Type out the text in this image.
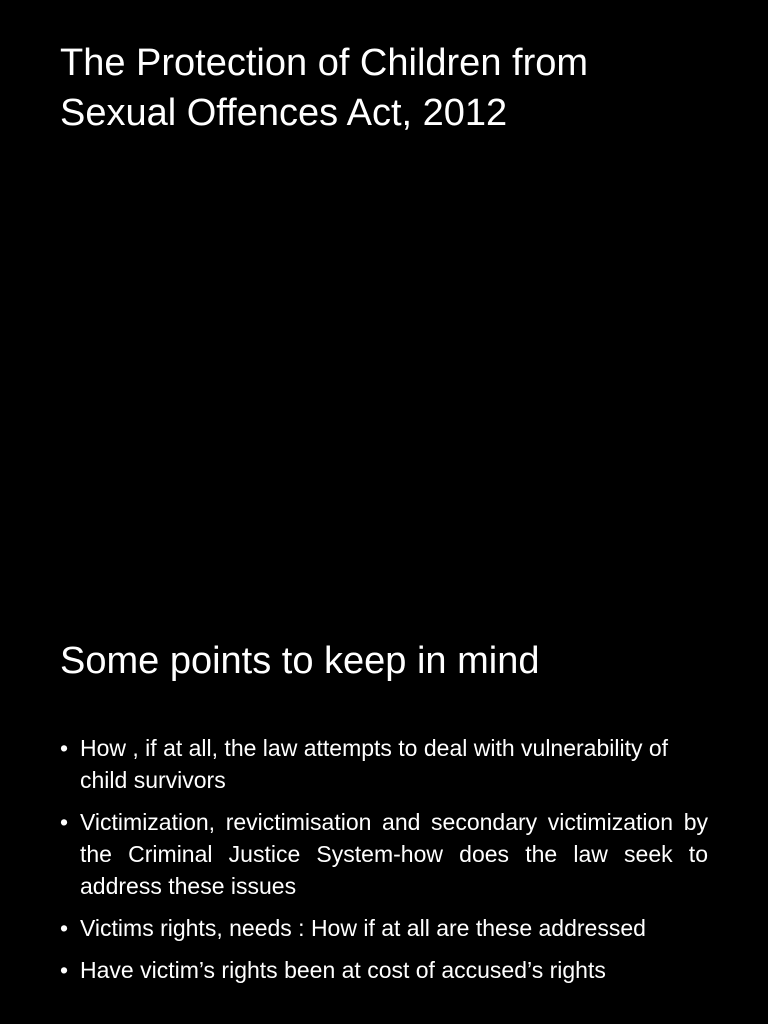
The Protection of Children from Sexual Offences Act, 2012
Some points to keep in mind
• How , if at all, the law attempts to deal with vulnerability of child survivors
• Victimization, revictimisation and secondary victimization by the Criminal Justice System-how does the law seek to address these issues
• Victims rights, needs : How if at all are these addressed
• Have victim’s rights been at cost of accused’s rights
